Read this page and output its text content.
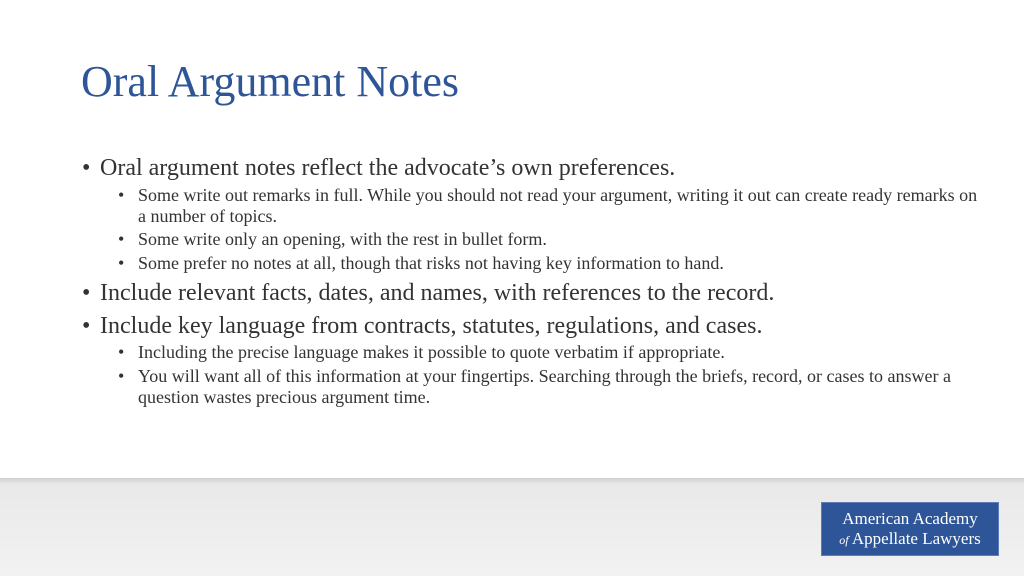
Oral Argument Notes
• Oral argument notes reflect the advocate’s own preferences.
• Some write out remarks in full. While you should not read your argument, writing it out can create ready remarks on a number of topics.
• Some write only an opening, with the rest in bullet form.
• Some prefer no notes at all, though that risks not having key information to hand.
• Include relevant facts, dates, and names, with references to the record.
• Include key language from contracts, statutes, regulations, and cases.
• Including the precise language makes it possible to quote verbatim if appropriate.
• You will want all of this information at your fingertips. Searching through the briefs, record, or cases to answer a question wastes precious argument time.
American Academy
of Appellate Lawyers
